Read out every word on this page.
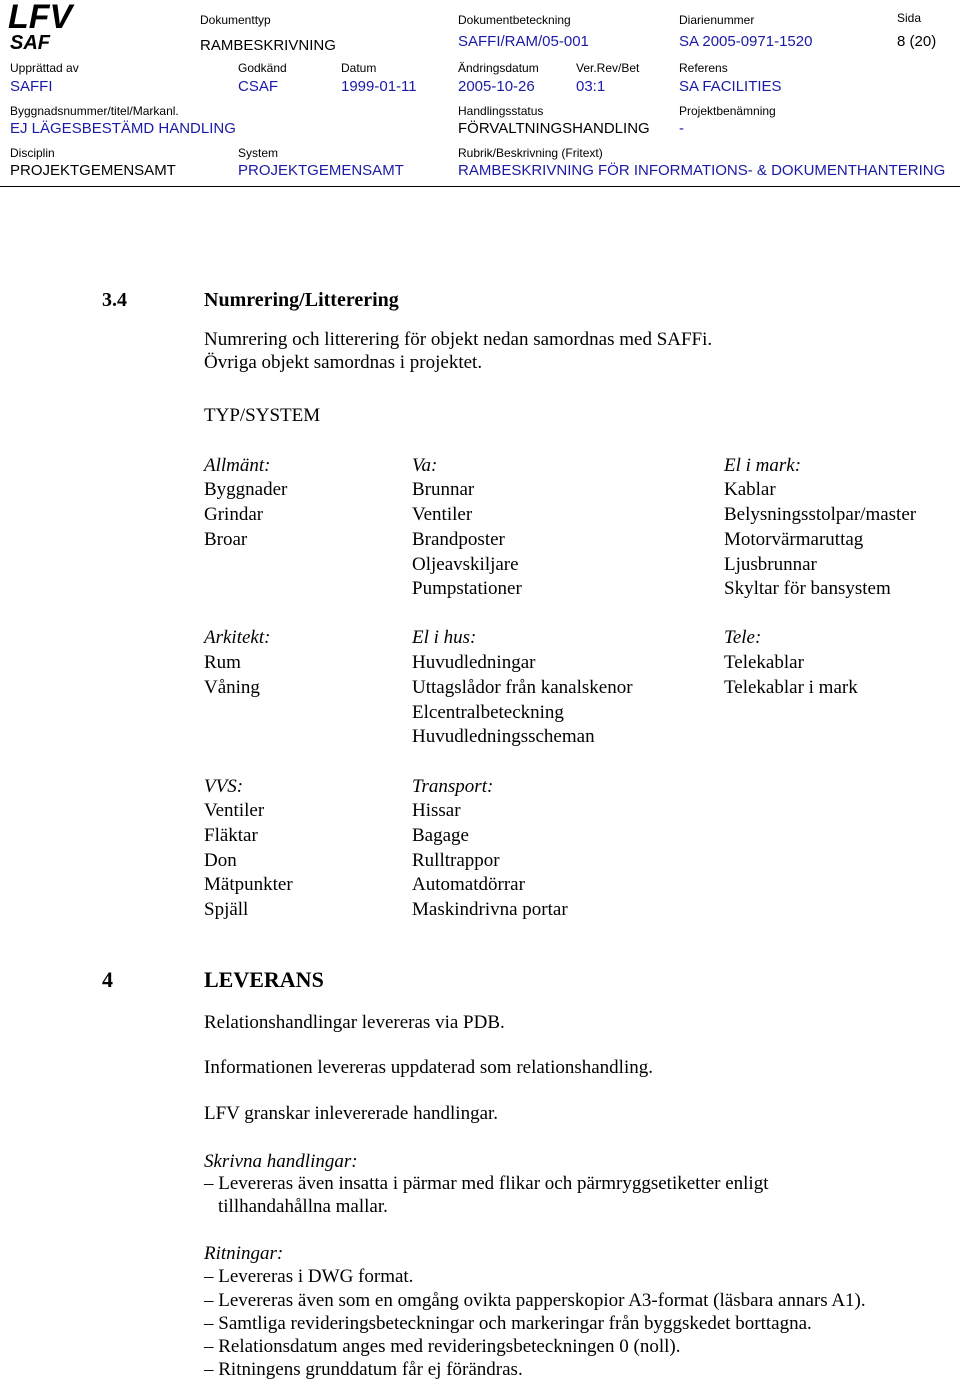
LFV
SAF
Dokumenttyp
RAMBESKRIVNING
Dokumentbeteckning
SAFFI/RAM/05-001
Diarienummer
SA 2005-0971-1520
Sida
8 (20)
Upprättad av
SAFFI
Godkänd
CSAF
Datum
1999-01-11
Ändringsdatum
2005-10-26
Ver.Rev/Bet
03:1
Referens
SA FACILITIES
Byggnadsnummer/titel/Markanl.
EJ LÄGESBESTÄMD HANDLING
Handlingsstatus
FÖRVALTNINGSHANDLING
Projektbenämning
-
Disciplin
PROJEKTGEMENSAMT
System
PROJEKTGEMENSAMT
Rubrik/Beskrivning (Fritext)
RAMBESKRIVNING FÖR INFORMATIONS- & DOKUMENTHANTERING
3.4	Numrering/Litterering
Numrering och litterering för objekt nedan samordnas med SAFFi.
Övriga objekt samordnas i projektet.
TYP/SYSTEM
Allmänt:
Byggnader
Grindar
Broar
Va:
Brunnar
Ventiler
Brandposter
Oljeavskiljare
Pumpstationer
El i mark:
Kablar
Belysningsstolpar/master
Motorvärmaruttag
Ljusbrunnar
Skyltar för bansystem
Arkitekt:
Rum
Våning
El i hus:
Huvudledningar
Uttagslådor från kanalskenor
Elcentralbeteckning
Huvudledningsscheman
Tele:
Telekablar
Telekablar i mark
VVS:
Ventiler
Fläktar
Don
Mätpunkter
Spjäll
Transport:
Hissar
Bagage
Rulltrappor
Automatdörrar
Maskindrivna portar
4	LEVERANS
Relationshandlingar levereras via PDB.
Informationen levereras uppdaterad som relationshandling.
LFV granskar inlevererade handlingar.
Skrivna handlingar:
– Levereras även insatta i pärmar med flikar och pärmryggsetiketter enligt
tillhandahållna mallar.
Ritningar:
– Levereras i DWG format.
– Levereras även som en omgång ovikta papperskopior A3-format (läsbara annars A1).
– Samtliga revideringsbeteckningar och markeringar från byggskedet borttagna.
– Relationsdatum anges med revideringsbeteckningen 0 (noll).
– Ritningens grunddatum får ej förändras.
